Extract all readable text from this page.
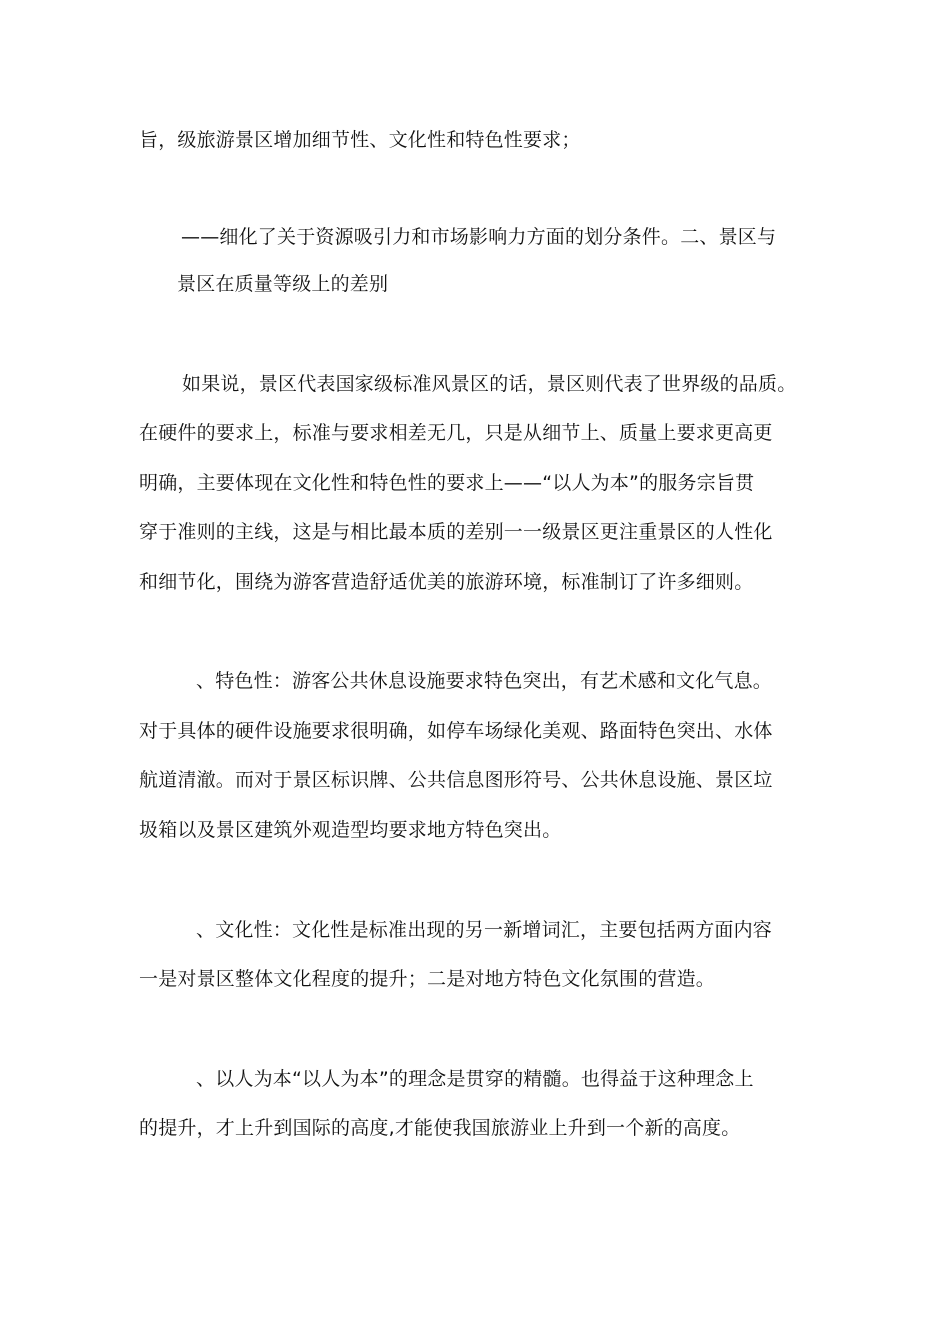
旨，级旅游景区增加细节性、文化性和特色性要求；
——细化了关于资源吸引力和市场影响力方面的划分条件。二、景区与
景区在质量等级上的差别
如果说，景区代表国家级标准风景区的话，景区则代表了世界级的品质。
在硬件的要求上，标准与要求相差无几，只是从细节上、质量上要求更高更
明确，主要体现在文化性和特色性的要求上——“以人为本”的服务宗旨贯
穿于准则的主线，这是与相比最本质的差别一一级景区更注重景区的人性化
和细节化，围绕为游客营造舒适优美的旅游环境，标准制订了许多细则。
、特色性：游客公共休息设施要求特色突出，有艺术感和文化气息。
对于具体的硬件设施要求很明确，如停车场绿化美观、路面特色突出、水体
航道清澈。而对于景区标识牌、公共信息图形符号、公共休息设施、景区垃
圾箱以及景区建筑外观造型均要求地方特色突出。
、文化性：文化性是标准出现的另一新增词汇，主要包括两方面内容
一是对景区整体文化程度的提升；二是对地方特色文化氛围的营造。
、以人为本“以人为本”的理念是贯穿的精髓。也得益于这种理念上
的提升，才上升到国际的高度,才能使我国旅游业上升到一个新的高度。
